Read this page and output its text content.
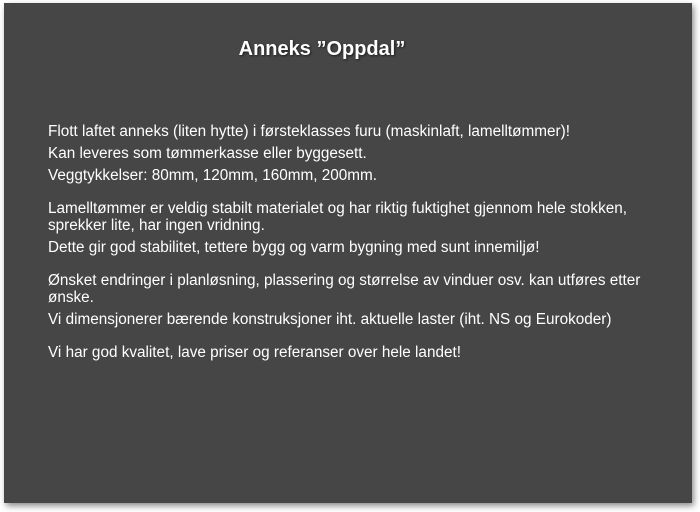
Anneks ”Oppdal”

Flott laftet anneks (liten hytte) i førsteklasses furu (maskinlaft, lamelltømmer)!

Kan leveres som tømmerkasse eller byggesett.

Veggtykkelser: 80mm, 120mm, 160mm, 200mm.

Lamelltømmer er veldig stabilt materialet og har riktig fuktighet gjennom hele stokken, sprekker lite, har ingen vridning.

Dette gir god stabilitet, tettere bygg og varm bygning med sunt innemiljø!

Ønsket endringer i planløsning, plassering og størrelse av vinduer osv. kan utføres etter ønske.

Vi dimensjonerer bærende konstruksjoner iht. aktuelle laster (iht. NS og Eurokoder)

Vi har god kvalitet, lave priser og referanser over hele landet!
